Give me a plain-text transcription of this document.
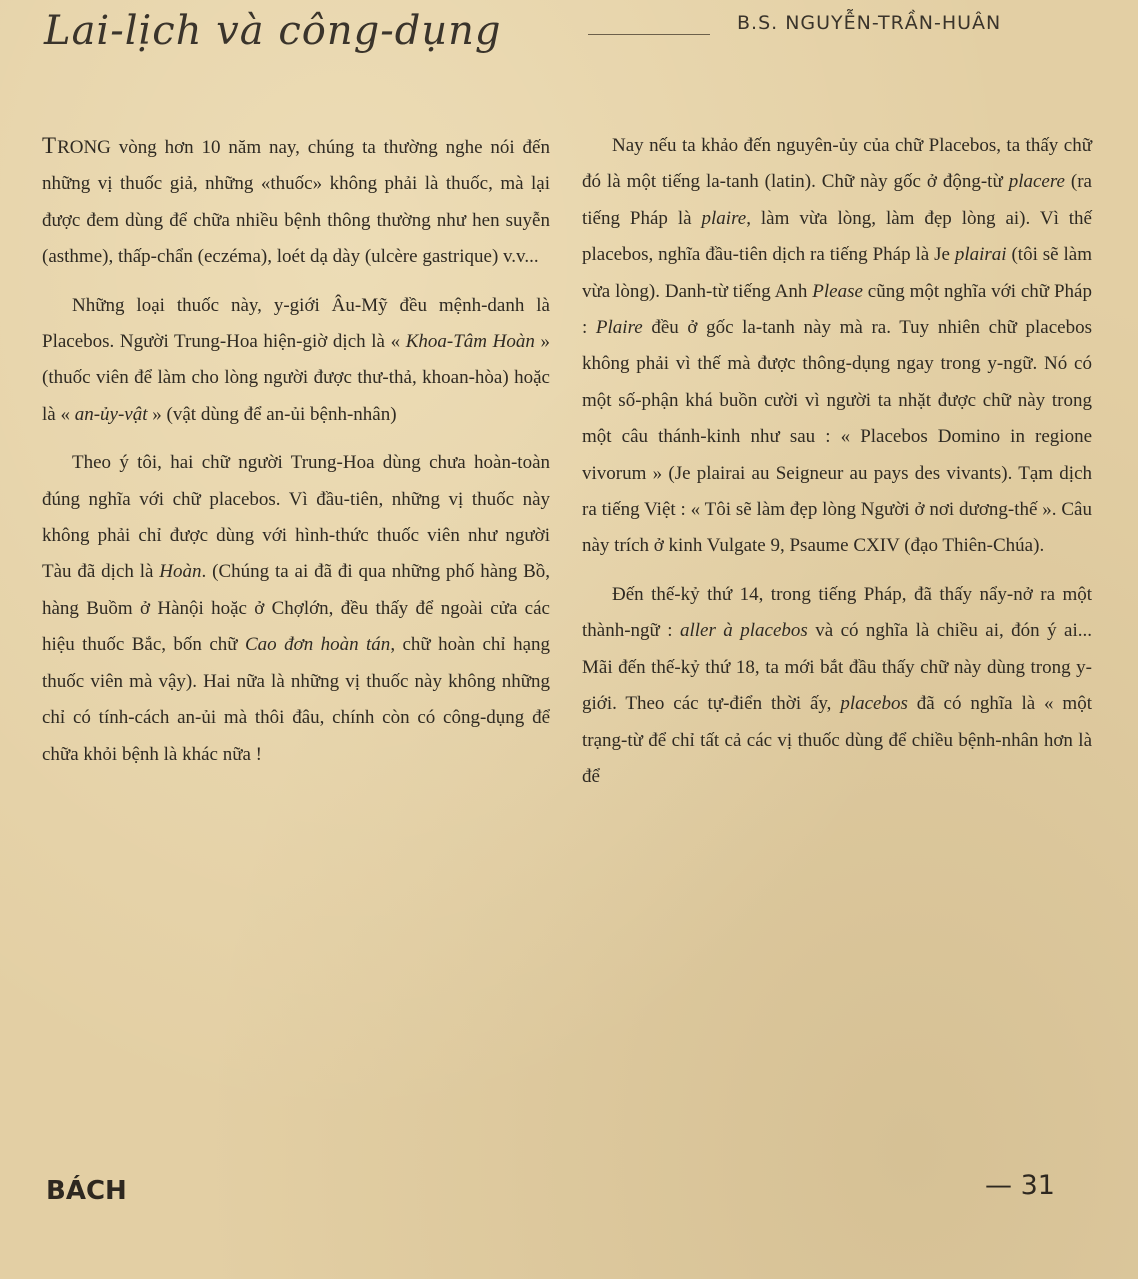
Lai-lịch và công-dụng	B.S. NGUYỄN-TRẦN-HUÂN

TRONG vòng hơn 10 năm nay, chúng ta thường nghe nói đến những vị thuốc giả, những «thuốc» không phải là thuốc, mà lại được đem dùng để chữa nhiều bệnh thông thường như hen suyễn (asthme), thấp-chẩn (eczéma), loét dạ dày (ulcère gastrique) v.v...

Những loại thuốc này, y-giới Âu-Mỹ đều mệnh-danh là Placebos. Người Trung-Hoa hiện-giờ dịch là « Khoa-Tâm Hoàn » (thuốc viên để làm cho lòng người được thư-thả, khoan-hòa) hoặc là « an-ủy-vật » (vật dùng để an-ủi bệnh-nhân)

Theo ý tôi, hai chữ người Trung-Hoa dùng chưa hoàn-toàn đúng nghĩa với chữ placebos. Vì đầu-tiên, những vị thuốc này không phải chỉ được dùng với hình-thức thuốc viên như người Tàu đã dịch là Hoàn. (Chúng ta ai đã đi qua những phố hàng Bồ, hàng Buồm ở Hànội hoặc ở Chợlớn, đều thấy để ngoài cửa các hiệu thuốc Bắc, bốn chữ Cao đơn hoàn tán, chữ hoàn chỉ hạng thuốc viên mà vậy). Hai nữa là những vị thuốc này không những chỉ có tính-cách an-ủi mà thôi đâu, chính còn có công-dụng để chữa khỏi bệnh là khác nữa !

Nay nếu ta khảo đến nguyên-ủy của chữ Placebos, ta thấy chữ đó là một tiếng la-tanh (latin). Chữ này gốc ở động-từ placere (ra tiếng Pháp là plaire, làm vừa lòng, làm đẹp lòng ai). Vì thế placebos, nghĩa đầu-tiên dịch ra tiếng Pháp là Je plairai (tôi sẽ làm vừa lòng). Danh-từ tiếng Anh Please cũng một nghĩa với chữ Pháp : Plaire đều ở gốc la-tanh này mà ra. Tuy nhiên chữ placebos không phải vì thế mà được thông-dụng ngay trong y-ngữ. Nó có một số-phận khá buồn cười vì người ta nhặt được chữ này trong một câu thánh-kinh như sau : « Placebos Domino in regione vivorum » (Je plairai au Seigneur au pays des vivants). Tạm dịch ra tiếng Việt : « Tôi sẽ làm đẹp lòng Người ở nơi dương-thế ». Câu này trích ở kinh Vulgate 9, Psaume CXIV (đạo Thiên-Chúa).

Đến thế-kỷ thứ 14, trong tiếng Pháp, đã thấy nẩy-nở ra một thành-ngữ : aller à placebos và có nghĩa là chiều ai, đón ý ai... Mãi đến thế-kỷ thứ 18, ta mới bắt đầu thấy chữ này dùng trong y-giới. Theo các tự-điển thời ấy, placebos đã có nghĩa là « một trạng-từ để chỉ tất cả các vị thuốc dùng để chiều bệnh-nhân hơn là để

BÁCH	— 31
